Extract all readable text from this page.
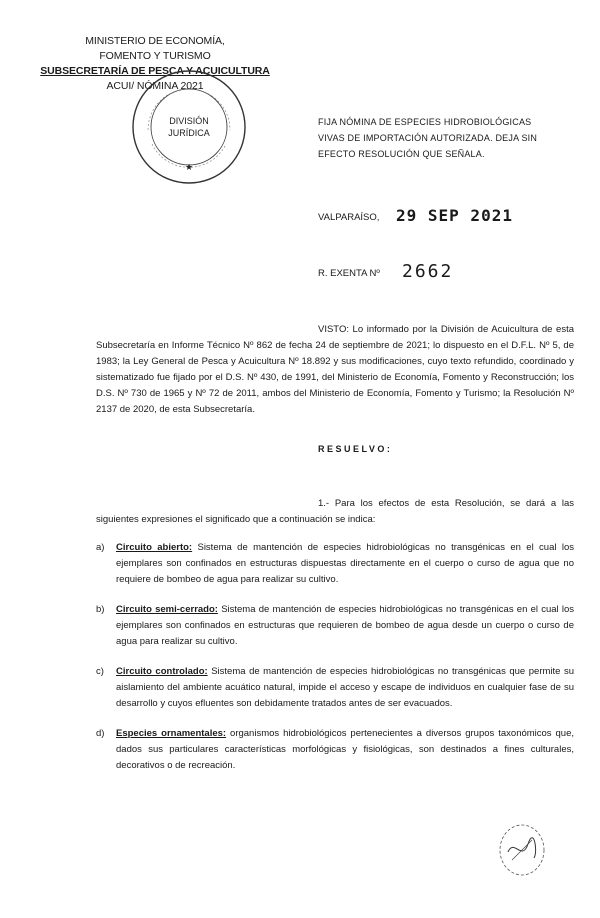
MINISTERIO DE ECONOMÍA,
FOMENTO Y TURISMO
SUBSECRETARÍA DE PESCA Y ACUICULTURA
ACUI/ NÓMINA 2021
DIVISIÓN
JURÍDICA
★
FIJA NÓMINA DE ESPECIES HIDROBIOLÓGICAS VIVAS DE IMPORTACIÓN AUTORIZADA. DEJA SIN EFECTO RESOLUCIÓN QUE SEÑALA.
VALPARAÍSO, 29 SEP 2021
R. EXENTA Nº 2662
VISTO: Lo informado por la División de Acuicultura de esta Subsecretaría en Informe Técnico Nº 862 de fecha 24 de septiembre de 2021; lo dispuesto en el D.F.L. Nº 5, de 1983; la Ley General de Pesca y Acuicultura Nº 18.892 y sus modificaciones, cuyo texto refundido, coordinado y sistematizado fue fijado por el D.S. Nº 430, de 1991, del Ministerio de Economía, Fomento y Reconstrucción; los D.S. Nº 730 de 1965 y Nº 72 de 2011, ambos del Ministerio de Economía, Fomento y Turismo; la Resolución Nº 2137 de 2020, de esta Subsecretaría.
RESUELVO:
1.- Para los efectos de esta Resolución, se dará a las siguientes expresiones el significado que a continuación se indica:
a) Circuito abierto: Sistema de mantención de especies hidrobiológicas no transgénicas en el cual los ejemplares son confinados en estructuras dispuestas directamente en el cuerpo o curso de agua que no requiere de bombeo de agua para realizar su cultivo.
b) Circuito semi-cerrado: Sistema de mantención de especies hidrobiológicas no transgénicas en el cual los ejemplares son confinados en estructuras que requieren de bombeo de agua desde un cuerpo o curso de agua para realizar su cultivo.
c) Circuito controlado: Sistema de mantención de especies hidrobiológicas no transgénicas que permite su aislamiento del ambiente acuático natural, impide el acceso y escape de individuos en cualquier fase de su desarrollo y cuyos efluentes son debidamente tratados antes de ser evacuados.
d) Especies ornamentales: organismos hidrobiológicos pertenecientes a diversos grupos taxonómicos que, dados sus particulares características morfológicas y fisiológicas, son destinados a fines culturales, decorativos o de recreación.
